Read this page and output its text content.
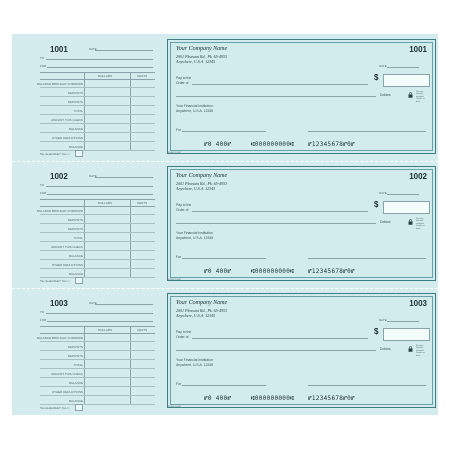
1001	DATE
TO
FOR
DOLLARS	CENTS
BALANCE BROUGHT FORWARD
DEPOSITS
DEPOSITS
TOTAL
AMOUNT THIS CHECK
BALANCE
OTHER DEDUCTIONS
BALANCE
Tax deductible? Yes □
Your Company Name
2001 Pleasant Rd., Pk. 65-4953
Anywhere, U.S.A. 12345
1001
DATE
Pay to the
Order of
$
Dollars
Security features included. Details on back.
Your Financial Institution
Anywhere, U.S.A. 12345
For
⑈0 400⑈	⑆000000000⑆ ⑈12345678⑈0⑈
ORDER FORM
1002	DATE
TO
FOR
DOLLARS	CENTS
BALANCE BROUGHT FORWARD
DEPOSITS
DEPOSITS
TOTAL
AMOUNT THIS CHECK
BALANCE
OTHER DEDUCTIONS
BALANCE
Tax deductible? Yes □
Your Company Name
2001 Pleasant Rd., Pk. 65-4953
Anywhere, U.S.A. 12345
1002
DATE
Pay to the
Order of
$
Dollars
Security features included. Details on back.
Your Financial Institution
Anywhere, U.S.A. 12345
For
⑈0 400⑈	⑆000000000⑆ ⑈12345678⑈0⑈
ORDER FORM
1003	DATE
TO
FOR
DOLLARS	CENTS
BALANCE BROUGHT FORWARD
DEPOSITS
DEPOSITS
TOTAL
AMOUNT THIS CHECK
BALANCE
OTHER DEDUCTIONS
BALANCE
Tax deductible? Yes □
Your Company Name
2001 Pleasant Rd., Pk. 65-4953
Anywhere, U.S.A. 12345
1003
DATE
Pay to the
Order of
$
Dollars
Security features included. Details on back.
Your Financial Institution
Anywhere, U.S.A. 12345
For
⑈0 400⑈	⑆000000000⑆ ⑈12345678⑈0⑈
ORDER FORM
